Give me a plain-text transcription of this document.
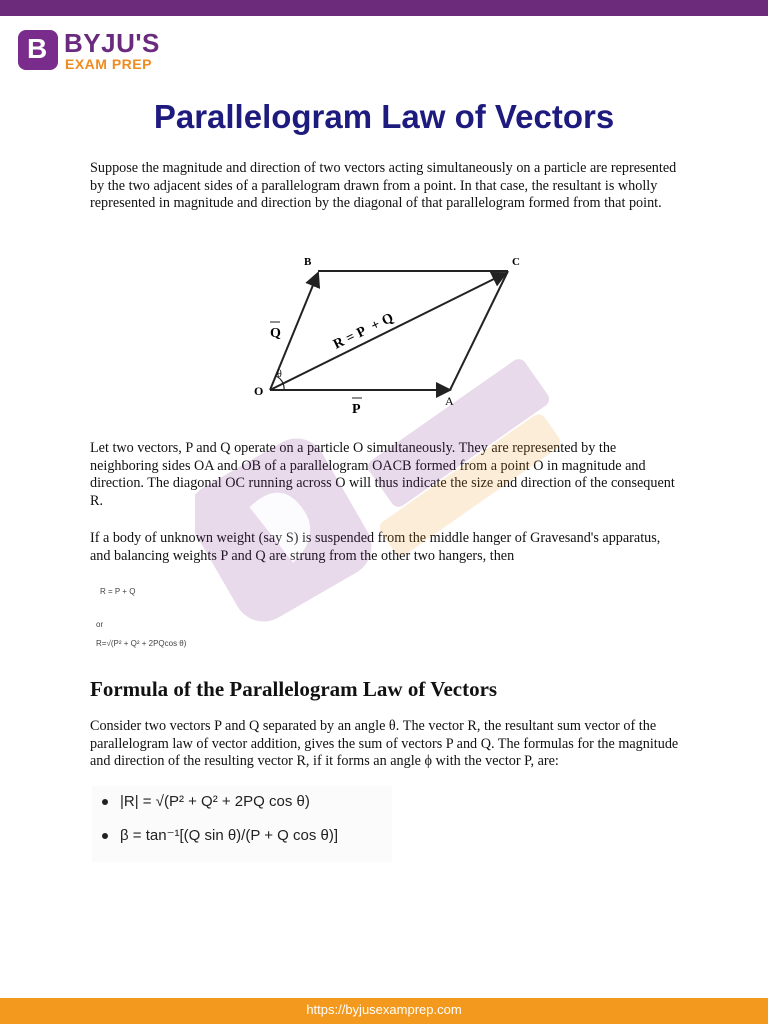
B BYJU'S
EXAM PREP
Parallelogram Law of Vectors
Suppose the magnitude and direction of two vectors acting simultaneously on a particle are represented by the two adjacent sides of a parallelogram drawn from a point. In that case, the resultant is wholly represented in magnitude and direction by the diagonal of that parallelogram formed from that point.
O
A
B	C
θ
P
Q
R
=
P +
Q
Let two vectors, P and Q operate on a particle O simultaneously. They are represented by the neighboring sides OA and OB of a parallelogram OACB formed from a point O in magnitude and direction. The diagonal OC running across O will thus indicate the size and direction of the consequent R.
If a body of unknown weight (say S) is suspended from the middle hanger of Gravesand's apparatus, and balancing weights P and Q are strung from the other two hangers, then
R = P + Q
or
R=√(P² + Q² + 2PQcos θ)
Formula of the Parallelogram Law of Vectors
Consider two vectors P and Q separated by an angle θ. The vector R, the resultant sum vector of the parallelogram law of vector addition, gives the sum of vectors P and Q. The formulas for the magnitude and direction of the resulting vector R, if it forms an angle ϕ with the vector P, are:
|R| = √(P² + Q² + 2PQ cos θ)
β = tan⁻¹[(Q sin θ)/(P + Q cos θ)]
https://byjusexamprep.com
